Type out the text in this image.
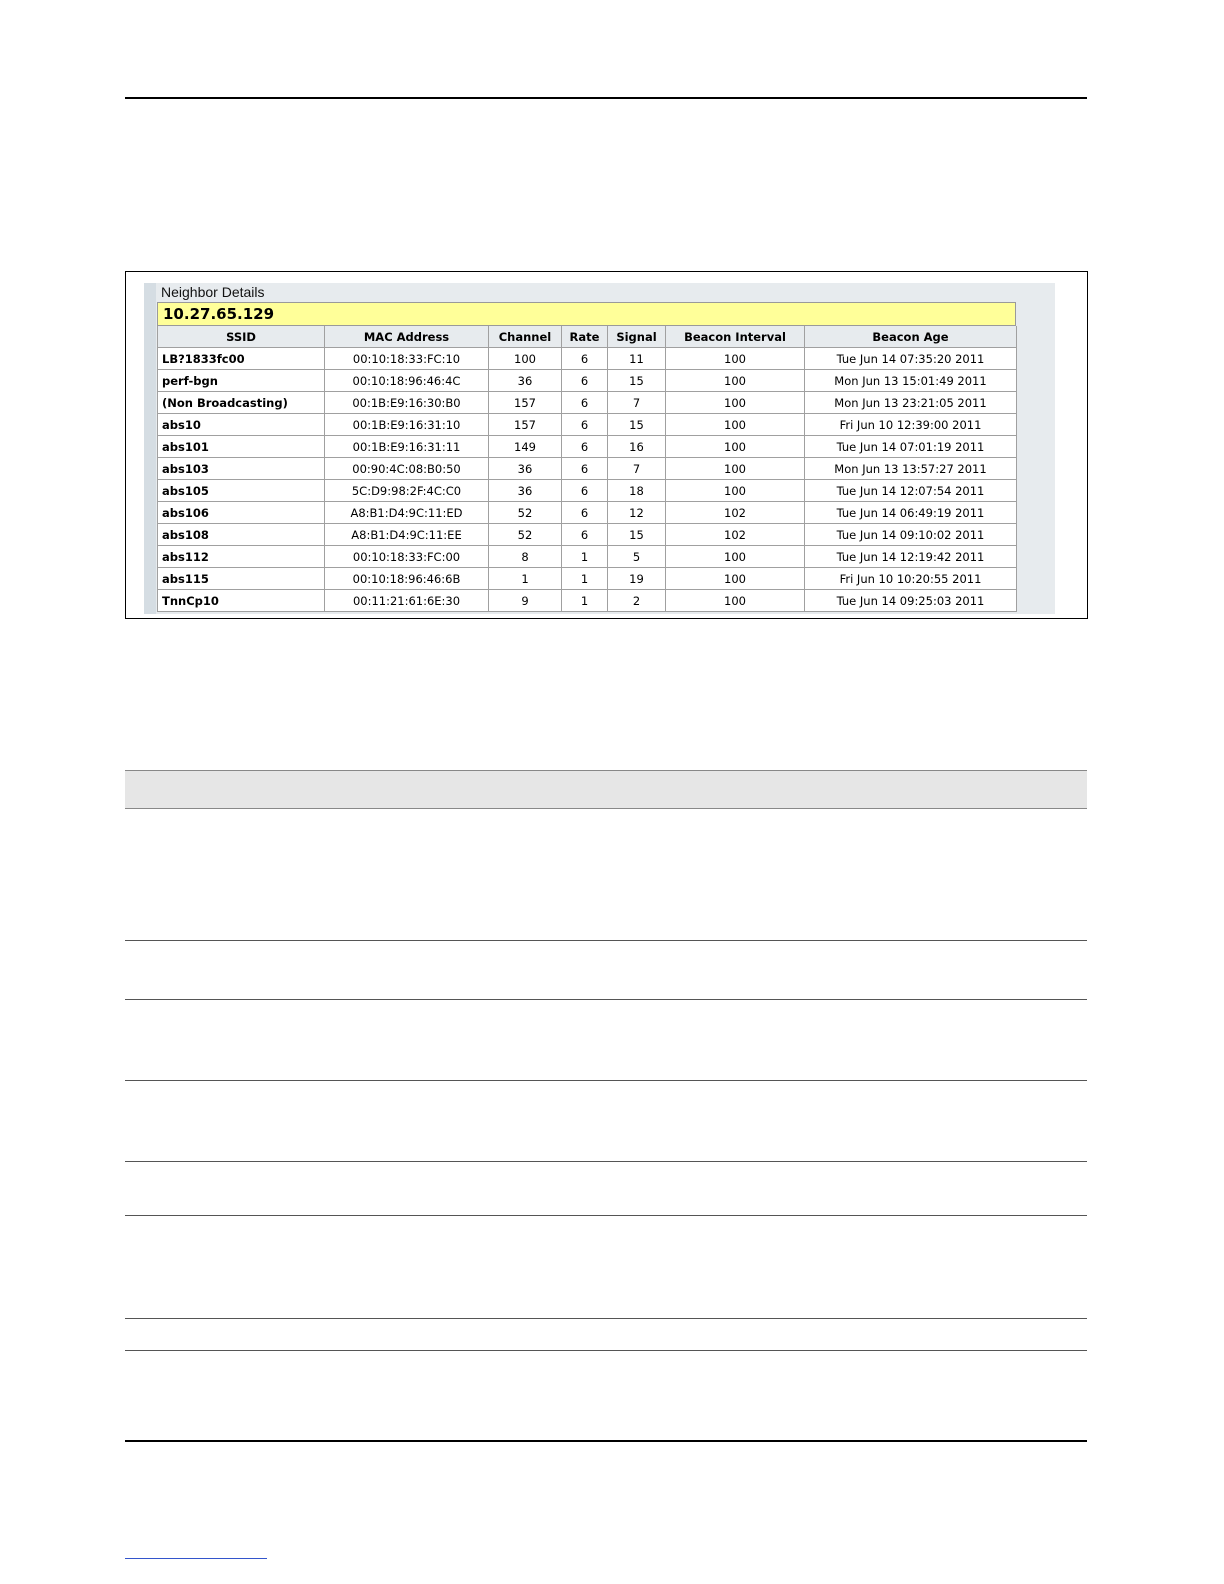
Neighbor Details
10.27.65.129
SSID	MAC Address	Channel	Rate	Signal	Beacon Interval	Beacon Age
LB?1833fc00	00:10:18:33:FC:10	100	6	11	100	Tue Jun 14 07:35:20 2011
perf-bgn	00:10:18:96:46:4C	36	6	15	100	Mon Jun 13 15:01:49 2011
(Non Broadcasting)	00:1B:E9:16:30:B0	157	6	7	100	Mon Jun 13 23:21:05 2011
abs10	00:1B:E9:16:31:10	157	6	15	100	Fri Jun 10 12:39:00 2011
abs101	00:1B:E9:16:31:11	149	6	16	100	Tue Jun 14 07:01:19 2011
abs103	00:90:4C:08:B0:50	36	6	7	100	Mon Jun 13 13:57:27 2011
abs105	5C:D9:98:2F:4C:C0	36	6	18	100	Tue Jun 14 12:07:54 2011
abs106	A8:B1:D4:9C:11:ED	52	6	12	102	Tue Jun 14 06:49:19 2011
abs108	A8:B1:D4:9C:11:EE	52	6	15	102	Tue Jun 14 09:10:02 2011
abs112	00:10:18:33:FC:00	8	1	5	100	Tue Jun 14 12:19:42 2011
abs115	00:10:18:96:46:6B	1	1	19	100	Fri Jun 10 10:20:55 2011
TnnCp10	00:11:21:61:6E:30	9	1	2	100	Tue Jun 14 09:25:03 2011
